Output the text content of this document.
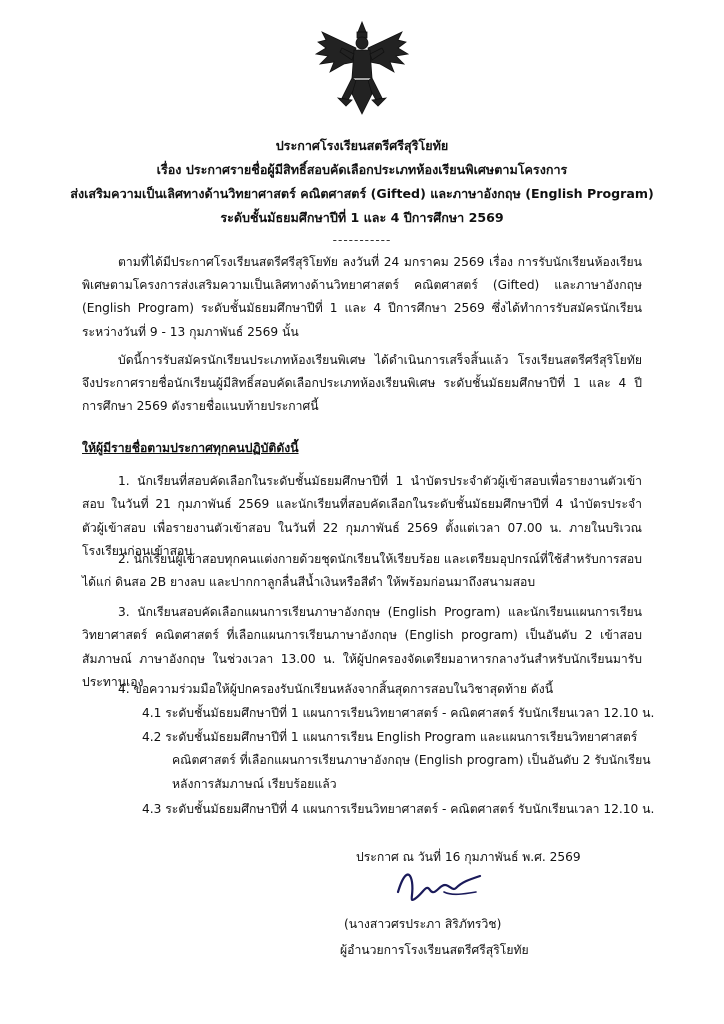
ประกาศโรงเรียนสตรีศรีสุริโยทัย
เรื่อง ประกาศรายชื่อผู้มีสิทธิ์สอบคัดเลือกประเภทห้องเรียนพิเศษตามโครงการ
ส่งเสริมความเป็นเลิศทางด้านวิทยาศาสตร์ คณิตศาสตร์ (Gifted) และภาษาอังกฤษ (English Program)
ระดับชั้นมัธยมศึกษาปีที่ 1 และ 4 ปีการศึกษา 2569
-----------
ตามที่ได้มีประกาศโรงเรียนสตรีศรีสุริโยทัย ลงวันที่ 24 มกราคม 2569 เรื่อง การรับนักเรียนห้องเรียนพิเศษตามโครงการส่งเสริมความเป็นเลิศทางด้านวิทยาศาสตร์ คณิตศาสตร์ (Gifted) และภาษาอังกฤษ (English Program) ระดับชั้นมัธยมศึกษาปีที่ 1 และ 4 ปีการศึกษา 2569 ซึ่งได้ทำการรับสมัครนักเรียน ระหว่างวันที่ 9 - 13 กุมภาพันธ์ 2569 นั้น
บัดนี้การรับสมัครนักเรียนประเภทห้องเรียนพิเศษ ได้ดำเนินการเสร็จสิ้นแล้ว โรงเรียนสตรีศรีสุริโยทัย จึงประกาศรายชื่อนักเรียนผู้มีสิทธิ์สอบคัดเลือกประเภทห้องเรียนพิเศษ ระดับชั้นมัธยมศึกษาปีที่ 1 และ 4 ปีการศึกษา 2569 ดังรายชื่อแนบท้ายประกาศนี้
ให้ผู้มีรายชื่อตามประกาศทุกคนปฏิบัติดังนี้
1. นักเรียนที่สอบคัดเลือกในระดับชั้นมัธยมศึกษาปีที่ 1 นำบัตรประจำตัวผู้เข้าสอบเพื่อรายงานตัวเข้าสอบ ในวันที่ 21 กุมภาพันธ์ 2569 และนักเรียนที่สอบคัดเลือกในระดับชั้นมัธยมศึกษาปีที่ 4 นำบัตรประจำตัวผู้เข้าสอบ เพื่อรายงานตัวเข้าสอบ ในวันที่ 22 กุมภาพันธ์ 2569 ตั้งแต่เวลา 07.00 น. ภายในบริเวณโรงเรียนก่อนเข้าสอบ
2. นักเรียนผู้เข้าสอบทุกคนแต่งกายด้วยชุดนักเรียนให้เรียบร้อย และเตรียมอุปกรณ์ที่ใช้สำหรับการสอบ ได้แก่ ดินสอ 2B ยางลบ และปากกาลูกลื่นสีน้ำเงินหรือสีดำ ให้พร้อมก่อนมาถึงสนามสอบ
3. นักเรียนสอบคัดเลือกแผนการเรียนภาษาอังกฤษ (English Program) และนักเรียนแผนการเรียน วิทยาศาสตร์ คณิตศาสตร์ ที่เลือกแผนการเรียนภาษาอังกฤษ (English program) เป็นอันดับ 2 เข้าสอบสัมภาษณ์ ภาษาอังกฤษ ในช่วงเวลา 13.00 น. ให้ผู้ปกครองจัดเตรียมอาหารกลางวันสำหรับนักเรียนมารับประทานเอง
4. ขอความร่วมมือให้ผู้ปกครองรับนักเรียนหลังจากสิ้นสุดการสอบในวิชาสุดท้าย ดังนี้
4.1 ระดับชั้นมัธยมศึกษาปีที่ 1 แผนการเรียนวิทยาศาสตร์ - คณิตศาสตร์ รับนักเรียนเวลา 12.10 น.
4.2 ระดับชั้นมัธยมศึกษาปีที่ 1 แผนการเรียน English Program และแผนการเรียนวิทยาศาสตร์ คณิตศาสตร์ ที่เลือกแผนการเรียนภาษาอังกฤษ (English program) เป็นอันดับ 2 รับนักเรียนหลังการสัมภาษณ์ เรียบร้อยแล้ว
4.3 ระดับชั้นมัธยมศึกษาปีที่ 4 แผนการเรียนวิทยาศาสตร์ - คณิตศาสตร์ รับนักเรียนเวลา 12.10 น.
ประกาศ ณ วันที่ 16 กุมภาพันธ์ พ.ศ. 2569
(นางสาวศรประภา สิริภัทรวิช)
ผู้อำนวยการโรงเรียนสตรีศรีสุริโยทัย
